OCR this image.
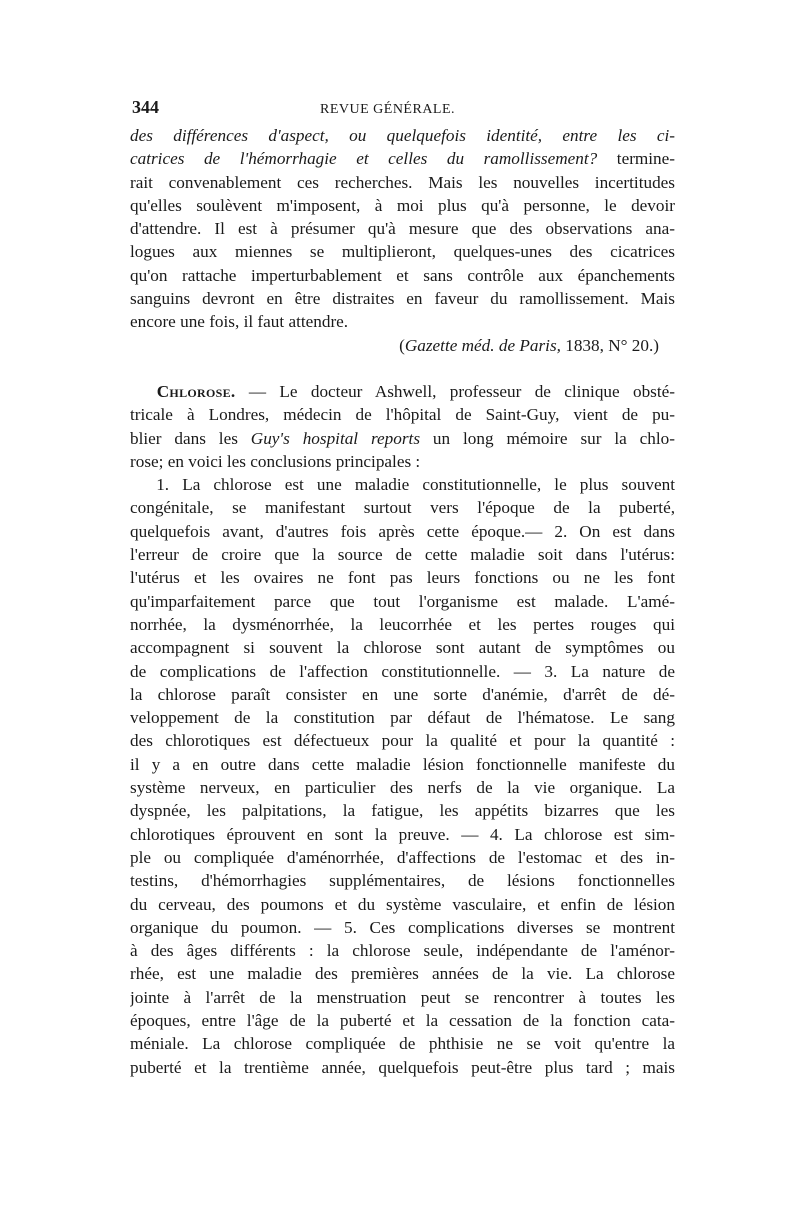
344	REVUE GÉNÉRALE.

des différences d'aspect, ou quelquefois identité, entre les ci-
catrices de l'hémorrhagie et celles du ramollissement? termine-
rait convenablement ces recherches. Mais les nouvelles incertitudes
qu'elles soulèvent m'imposent, à moi plus qu'à personne, le devoir
d'attendre. Il est à présumer qu'à mesure que des observations ana-
logues aux miennes se multiplieront, quelques-unes des cicatrices
qu'on rattache imperturbablement et sans contrôle aux épanchements
sanguins devront en être distraites en faveur du ramollissement. Mais
encore une fois, il faut attendre.

(Gazette méd. de Paris, 1838, N° 20.)

Chlorose. — Le docteur Ashwell, professeur de clinique obsté-
tricale à Londres, médecin de l'hôpital de Saint-Guy, vient de pu-
blier dans les Guy's hospital reports un long mémoire sur la chlo-
rose; en voici les conclusions principales :

1. La chlorose est une maladie constitutionnelle, le plus souvent
congénitale, se manifestant surtout vers l'époque de la puberté,
quelquefois avant, d'autres fois après cette époque.— 2. On est dans
l'erreur de croire que la source de cette maladie soit dans l'utérus:
l'utérus et les ovaires ne font pas leurs fonctions ou ne les font
qu'imparfaitement parce que tout l'organisme est malade. L'amé-
norrhée, la dysménorrhée, la leucorrhée et les pertes rouges qui
accompagnent si souvent la chlorose sont autant de symptômes ou
de complications de l'affection constitutionnelle. — 3. La nature de
la chlorose paraît consister en une sorte d'anémie, d'arrêt de dé-
veloppement de la constitution par défaut de l'hématose. Le sang
des chlorotiques est défectueux pour la qualité et pour la quantité :
il y a en outre dans cette maladie lésion fonctionnelle manifeste du
système nerveux, en particulier des nerfs de la vie organique. La
dyspnée, les palpitations, la fatigue, les appétits bizarres que les
chlorotiques éprouvent en sont la preuve. — 4. La chlorose est sim-
ple ou compliquée d'aménorrhée, d'affections de l'estomac et des in-
testins, d'hémorrhagies supplémentaires, de lésions fonctionnelles
du cerveau, des poumons et du système vasculaire, et enfin de lésion
organique du poumon. — 5. Ces complications diverses se montrent
à des âges différents : la chlorose seule, indépendante de l'aménor-
rhée, est une maladie des premières années de la vie. La chlorose
jointe à l'arrêt de la menstruation peut se rencontrer à toutes les
époques, entre l'âge de la puberté et la cessation de la fonction cata-
méniale. La chlorose compliquée de phthisie ne se voit qu'entre la
puberté et la trentième année, quelquefois peut-être plus tard ; mais
